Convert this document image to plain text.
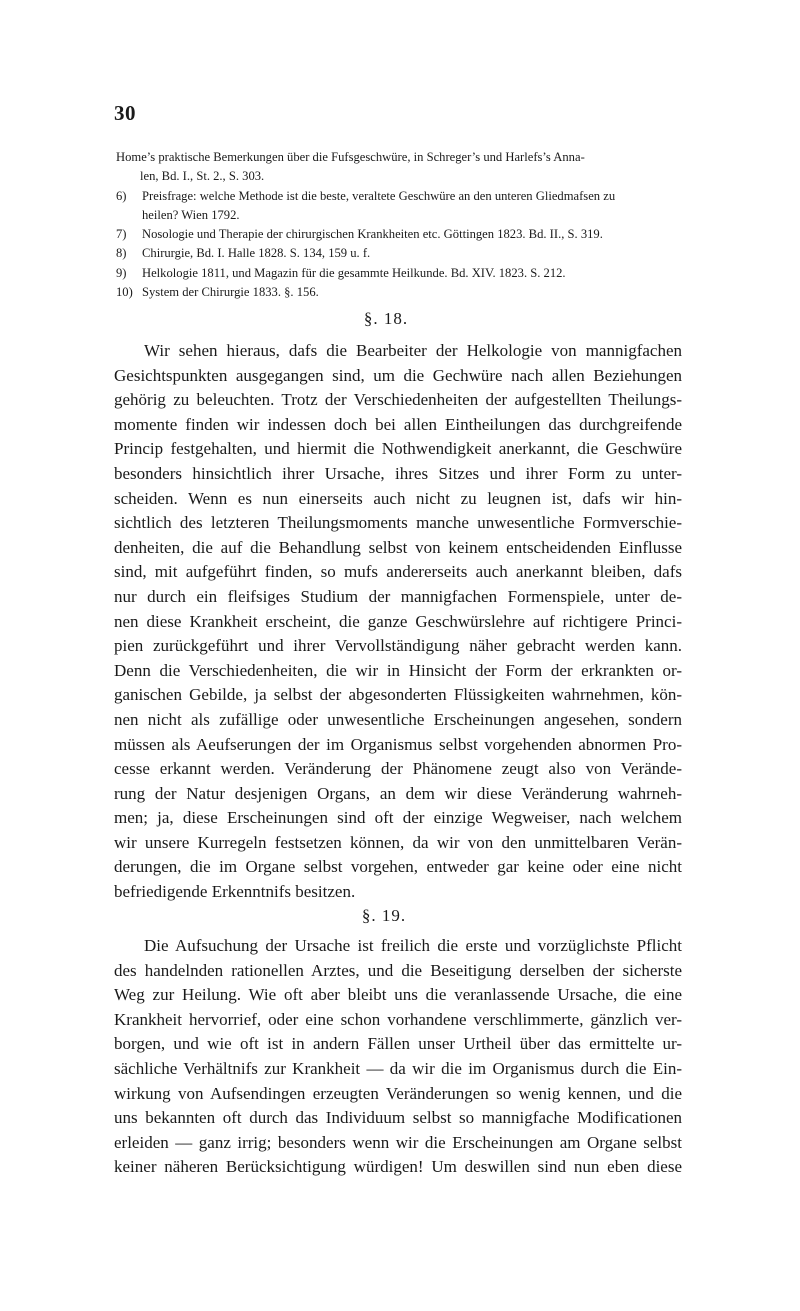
30

Home’s praktische Bemerkungen über die Fufsgeschwüre, in Schreger’s und Harlefs’s Anna-
len, Bd. I., St. 2., S. 303.

6) Preisfrage: welche Methode ist die beste, veraltete Geschwüre an den unteren Gliedmafsen zu
heilen? Wien 1792.

7) Nosologie und Therapie der chirurgischen Krankheiten etc. Göttingen 1823. Bd. II., S. 319.

8) Chirurgie, Bd. I. Halle 1828. S. 134, 159 u. f.

9) Helkologie 1811, und Magazin für die gesammte Heilkunde. Bd. XIV. 1823. S. 212.

10) System der Chirurgie 1833. §. 156.

§. 18.
Wir sehen hieraus, dafs die Bearbeiter der Helkologie von mannigfachen
Gesichtspunkten ausgegangen sind, um die Gechwüre nach allen Beziehungen
gehörig zu beleuchten. Trotz der Verschiedenheiten der aufgestellten Theilungs-
momente finden wir indessen doch bei allen Eintheilungen das durchgreifende
Princip festgehalten, und hiermit die Nothwendigkeit anerkannt, die Geschwüre
besonders hinsichtlich ihrer Ursache, ihres Sitzes und ihrer Form zu unter-
scheiden. Wenn es nun einerseits auch nicht zu leugnen ist, dafs wir hin-
sichtlich des letzteren Theilungsmoments manche unwesentliche Formverschie-
denheiten, die auf die Behandlung selbst von keinem entscheidenden Einflusse
sind, mit aufgeführt finden, so mufs andererseits auch anerkannt bleiben, dafs
nur durch ein fleifsiges Studium der mannigfachen Formenspiele, unter de-
nen diese Krankheit erscheint, die ganze Geschwürslehre auf richtigere Princi-
pien zurückgeführt und ihrer Vervollständigung näher gebracht werden kann.
Denn die Verschiedenheiten, die wir in Hinsicht der Form der erkrankten or-
ganischen Gebilde, ja selbst der abgesonderten Flüssigkeiten wahrnehmen, kön-
nen nicht als zufällige oder unwesentliche Erscheinungen angesehen, sondern
müssen als Aeufserungen der im Organismus selbst vorgehenden abnormen Pro-
cesse erkannt werden. Veränderung der Phänomene zeugt also von Verände-
rung der Natur desjenigen Organs, an dem wir diese Veränderung wahrneh-
men; ja, diese Erscheinungen sind oft der einzige Wegweiser, nach welchem
wir unsere Kurregeln festsetzen können, da wir von den unmittelbaren Verän-
derungen, die im Organe selbst vorgehen, entweder gar keine oder eine nicht
befriedigende Erkenntnifs besitzen.
§. 19.
Die Aufsuchung der Ursache ist freilich die erste und vorzüglichste Pflicht
des handelnden rationellen Arztes, und die Beseitigung derselben der sicherste
Weg zur Heilung. Wie oft aber bleibt uns die veranlassende Ursache, die eine
Krankheit hervorrief, oder eine schon vorhandene verschlimmerte, gänzlich ver-
borgen, und wie oft ist in andern Fällen unser Urtheil über das ermittelte ur-
sächliche Verhältnifs zur Krankheit — da wir die im Organismus durch die Ein-
wirkung von Aufsendingen erzeugten Veränderungen so wenig kennen, und die
uns bekannten oft durch das Individuum selbst so mannigfache Modificationen
erleiden — ganz irrig; besonders wenn wir die Erscheinungen am Organe selbst
keiner näheren Berücksichtigung würdigen! Um deswillen sind nun eben diese
